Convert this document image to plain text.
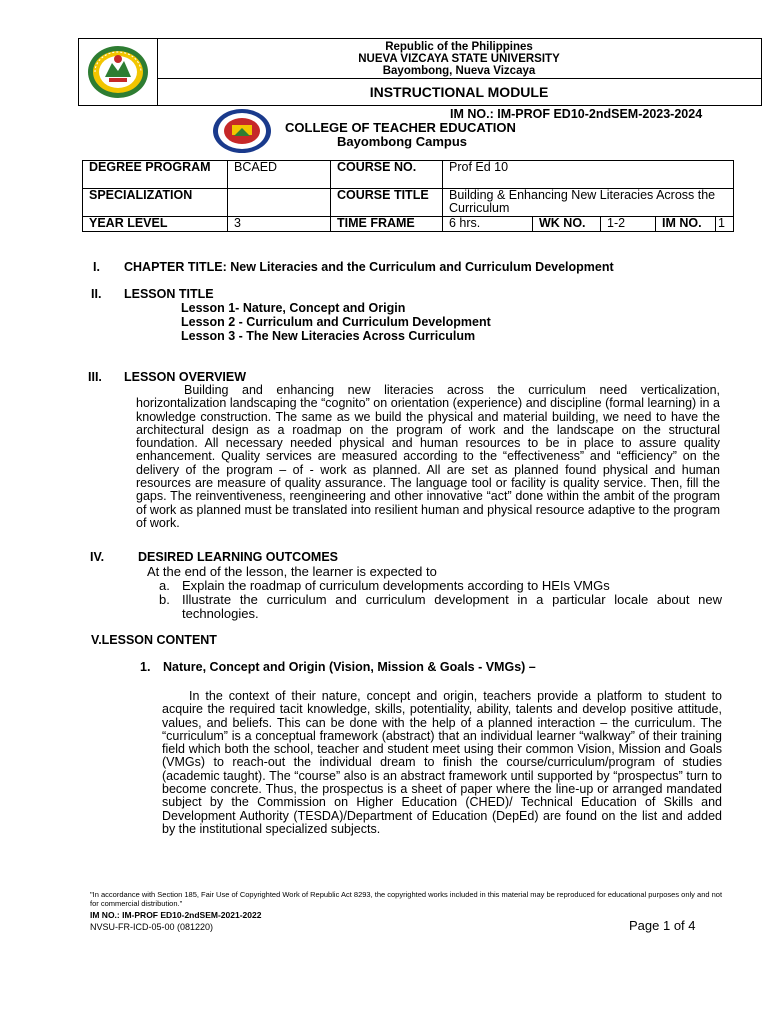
Republic of the Philippines
NUEVA VIZCAYA STATE UNIVERSITY
Bayombong, Nueva Vizcaya
INSTRUCTIONAL MODULE
IM NO.: IM-PROF ED10-2ndSEM-2023-2024
COLLEGE OF TEACHER EDUCATION
Bayombong Campus
DEGREE PROGRAM	BCAED	COURSE NO.	Prof Ed 10				
SPECIALIZATION		COURSE TITLE	Building & Enhancing New Literacies Across the Curriculum				
YEAR LEVEL	3	TIME FRAME	6 hrs.	WK NO.	1-2	IM NO.	1
I. CHAPTER TITLE: New Literacies and the Curriculum and Curriculum Development
II. LESSON TITLE
Lesson 1- Nature, Concept and Origin
Lesson 2 - Curriculum and Curriculum Development
Lesson 3 - The New Literacies Across Curriculum
III. LESSON OVERVIEW
Building and enhancing new literacies across the curriculum need verticalization, horizontalization landscaping the “cognito” on orientation (experience) and discipline (formal learning) in a knowledge construction. The same as we build the physical and material building, we need to have the architectural design as a roadmap on the program of work and the landscape on the structural foundation. All necessary needed physical and human resources to be in place to assure quality enhancement. Quality services are measured according to the “effectiveness” and “efficiency” on the delivery of the program – of - work as planned. All are set as planned found physical and human resources are measure of quality assurance. The language tool or facility is quality service. Then, fill the gaps. The reinventiveness, reengineering and other innovative “act” done within the ambit of the program of work as planned must be translated into resilient human and physical resource adaptive to the program of work.
IV.	DESIRED LEARNING OUTCOMES
At the end of the lesson, the learner is expected to
a. Explain the roadmap of curriculum developments according to HEIs VMGs
b. Illustrate the curriculum and curriculum development in a particular locale about new technologies.
V.LESSON CONTENT
1. Nature, Concept and Origin (Vision, Mission & Goals - VMGs) –
In the context of their nature, concept and origin, teachers provide a platform to student to acquire the required tacit knowledge, skills, potentiality, ability, talents and develop positive attitude, values, and beliefs. This can be done with the help of a planned interaction – the curriculum. The “curriculum” is a conceptual framework (abstract) that an individual learner “walkway” of their training field which both the school, teacher and student meet using their common Vision, Mission and Goals (VMGs) to reach-out the individual dream to finish the course/curriculum/program of studies (academic taught). The “course” also is an abstract framework until supported by “prospectus” turn to become concrete. Thus, the prospectus is a sheet of paper where the line-up or arranged mandated subject by the Commission on Higher Education (CHED)/ Technical Education of Skills and Development Authority (TESDA)/Department of Education (DepEd) are found on the list and added by the institutional specialized subjects.
"In accordance with Section 185, Fair Use of Copyrighted Work of Republic Act 8293, the copyrighted works included in this material may be reproduced for educational purposes only and not for commercial distribution."
IM NO.: IM-PROF ED10-2ndSEM-2021-2022
NVSU-FR-ICD-05-00 (081220)	Page 1 of 4
